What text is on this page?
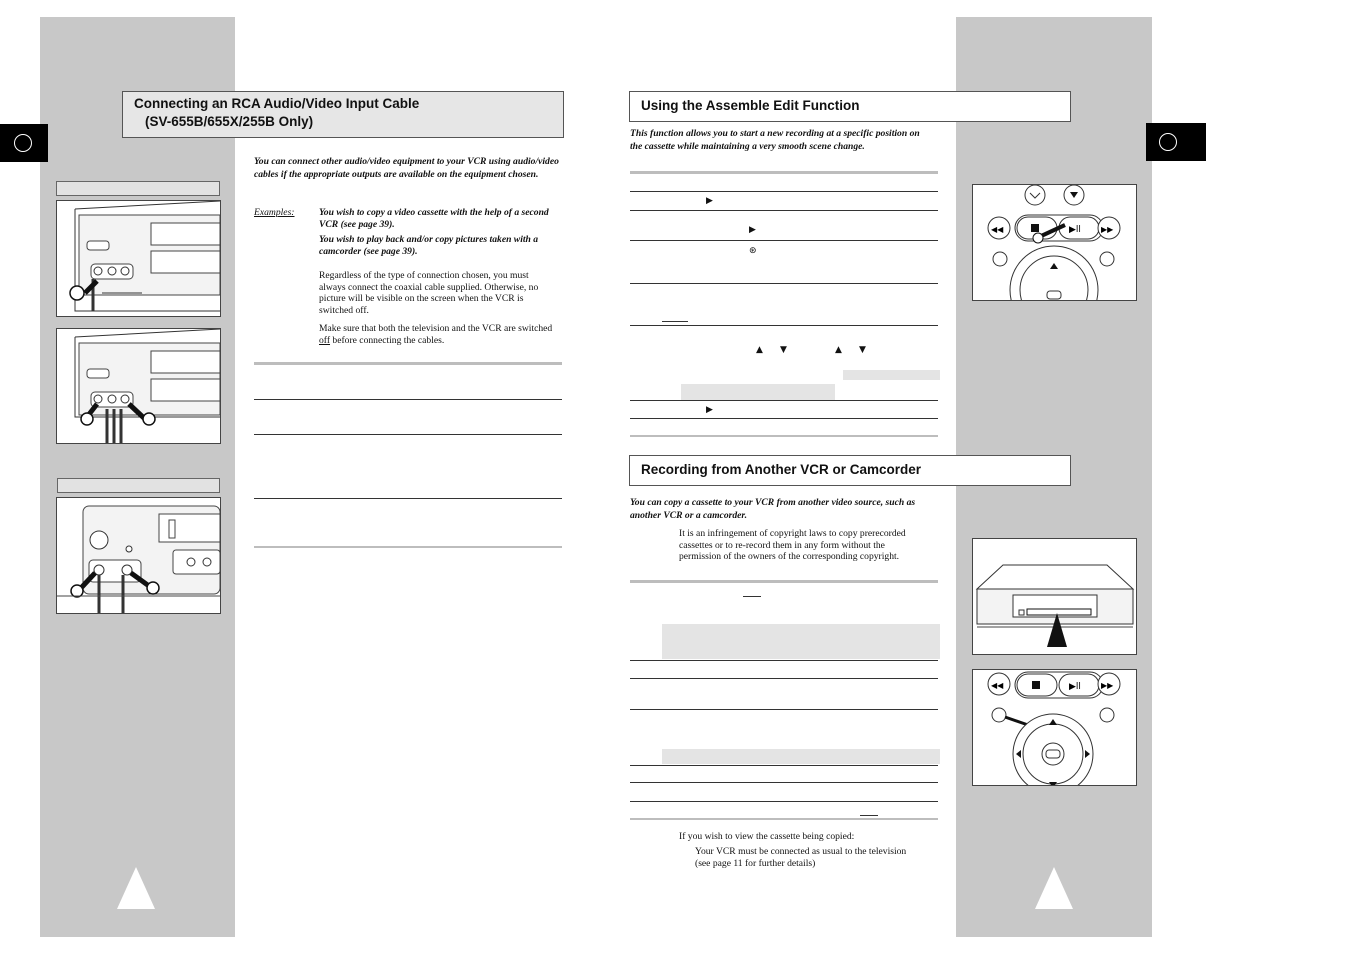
Connecting an RCA Audio/Video Input Cable
(SV-655B/655X/255B Only)
You can connect other audio/video equipment to your VCR using audio/video cables if the appropriate outputs are available on the equipment chosen.
Examples:	You wish to copy a video cassette with the help of a second VCR (see page 39).
You wish to play back and/or copy pictures taken with a camcorder (see page 39).
Regardless of the type of connection chosen, you must always connect the coaxial cable supplied. Otherwise, no picture will be visible on the screen when the VCR is switched off.
Make sure that both the television and the VCR are switched off before connecting the cables.
Using the Assemble Edit Function
This function allows you to start a new recording at a specific position on the cassette while maintaining a very smooth scene change.
▶
▶
⊛
▲ ▼	▲ ▼
▶
▶ll
◀◀	▶▶
Recording from Another VCR or Camcorder
You can copy a cassette to your VCR from another video source, such as another VCR or a camcorder.
It is an infringement of copyright laws to copy prerecorded cassettes or to re-record them in any form without the permission of the owners of the corresponding copyright.
If you wish to view the cassette being copied:
Your VCR must be connected as usual to the television (see page 11 for further details)
◀◀	▶ll	▶▶
